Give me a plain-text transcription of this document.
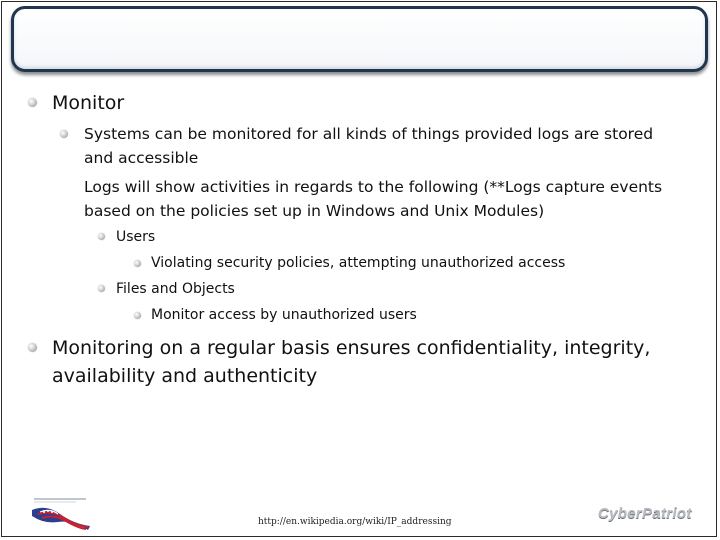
Monitor
Systems can be monitored for all kinds of things provided logs are stored
and accessible
Logs will show activities in regards to the following (**Logs capture events
based on the policies set up in Windows and Unix Modules)
Users
Violating security policies, attempting unauthorized access
Files and Objects
Monitor access by unauthorized users
Monitoring on a regular basis ensures confidentiality, integrity,
availability and authenticity
http://en.wikipedia.org/wiki/IP_addressing	CyberPatriot
